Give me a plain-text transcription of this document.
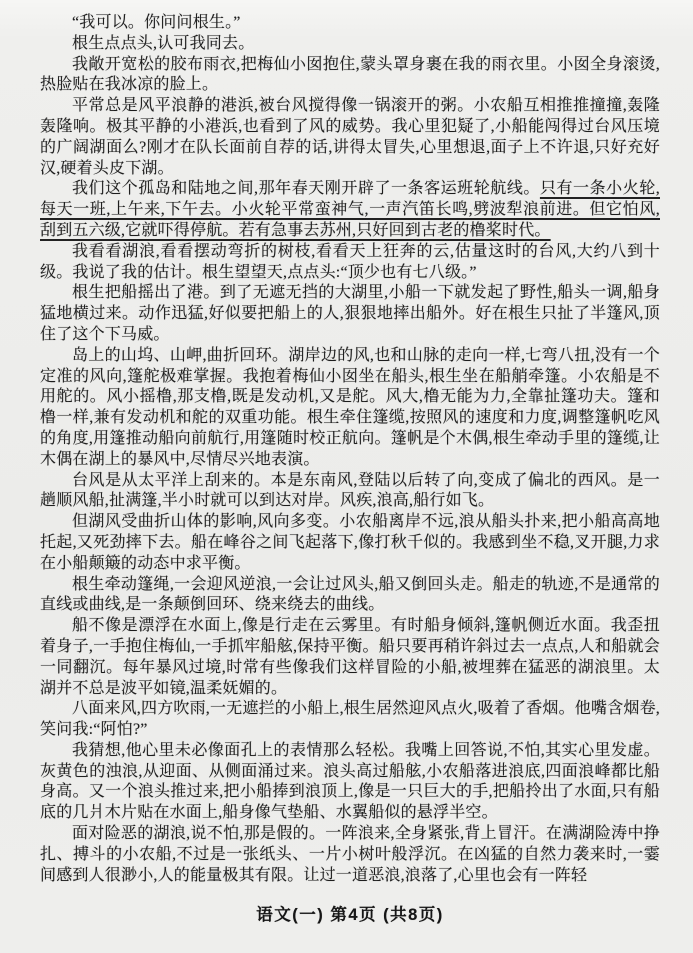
“我可以。你问问根生。”

根生点点头,认可我同去。

我敞开宽松的胶布雨衣,把梅仙小囡抱住,蒙头罩身裹在我的雨衣里。小囡全身滚烫,热脸贴在我冰凉的脸上。

平常总是风平浪静的港浜,被台风搅得像一锅滚开的粥。小农船互相推推撞撞,轰隆轰隆响。极其平静的小港浜,也看到了风的威势。我心里犯疑了,小船能闯得过台风压境的广阔湖面么?刚才在队长面前自荐的话,讲得太冒失,心里想退,面子上不许退,只好充好汉,硬着头皮下湖。

我们这个孤岛和陆地之间,那年春天刚开辟了一条客运班轮航线。只有一条小火轮,每天一班,上午来,下午去。小火轮平常蛮神气,一声汽笛长鸣,劈波犁浪前进。但它怕风,刮到五六级,它就吓得停航。若有急事去苏州,只好回到古老的橹桨时代。

我看看湖浪,看看摆动弯折的树枝,看看天上狂奔的云,估量这时的台风,大约八到十级。我说了我的估计。根生望望天,点点头:“顶少也有七八级。”

根生把船摇出了港。到了无遮无挡的大湖里,小船一下就发起了野性,船头一调,船身猛地横过来。动作迅猛,好似要把船上的人,狠狠地摔出船外。好在根生只扯了半篷风,顶住了这个下马威。

岛上的山坞、山岬,曲折回环。湖岸边的风,也和山脉的走向一样,七弯八扭,没有一个定准的风向,篷舵极难掌握。我抱着梅仙小囡坐在船头,根生坐在船艄牵篷。小农船是不用舵的。风小摇橹,那支橹,既是发动机,又是舵。风大,橹无能为力,全靠扯篷功夫。篷和橹一样,兼有发动机和舵的双重功能。根生牵住篷缆,按照风的速度和力度,调整篷帆吃风的角度,用篷推动船向前航行,用篷随时校正航向。篷帆是个木偶,根生牵动手里的篷缆,让木偶在湖上的暴风中,尽情尽兴地表演。

台风是从太平洋上刮来的。本是东南风,登陆以后转了向,变成了偏北的西风。是一趟顺风船,扯满篷,半小时就可以到达对岸。风疾,浪高,船行如飞。

但湖风受曲折山体的影响,风向多变。小农船离岸不远,浪从船头扑来,把小船高高地托起,又死劲摔下去。船在峰谷之间飞起落下,像打秋千似的。我感到坐不稳,叉开腿,力求在小船颠簸的动态中求平衡。

根生牵动篷绳,一会迎风逆浪,一会让过风头,船又倒回头走。船走的轨迹,不是通常的直线或曲线,是一条颠倒回环、绕来绕去的曲线。

船不像是漂浮在水面上,像是行走在云雾里。有时船身倾斜,篷帆侧近水面。我歪扭着身子,一手抱住梅仙,一手抓牢船舷,保持平衡。船只要再稍许斜过去一点点,人和船就会一同翻沉。每年暴风过境,时常有些像我们这样冒险的小船,被埋葬在猛恶的湖浪里。太湖并不总是波平如镜,温柔妩媚的。

八面来风,四方吹雨,一无遮拦的小船上,根生居然迎风点火,吸着了香烟。他嘴含烟卷,笑问我:“阿怕?”

我猜想,他心里未必像面孔上的表情那么轻松。我嘴上回答说,不怕,其实心里发虚。灰黄色的浊浪,从迎面、从侧面涌过来。浪头高过船舷,小农船落进浪底,四面浪峰都比船身高。又一个浪头推过来,把小船捧到浪顶上,像是一只巨大的手,把船拎出了水面,只有船底的几爿木片贴在水面上,船身像气垫船、水翼船似的悬浮半空。

面对险恶的湖浪,说不怕,那是假的。一阵浪来,全身紧张,背上冒汗。在满湖险涛中挣扎、搏斗的小农船,不过是一张纸头、一片小树叶般浮沉。在凶猛的自然力袭来时,一霎间感到人很渺小,人的能量极其有限。让过一道恶浪,浪落了,心里也会有一阵轻

语文(一) 第4页 (共8页)
